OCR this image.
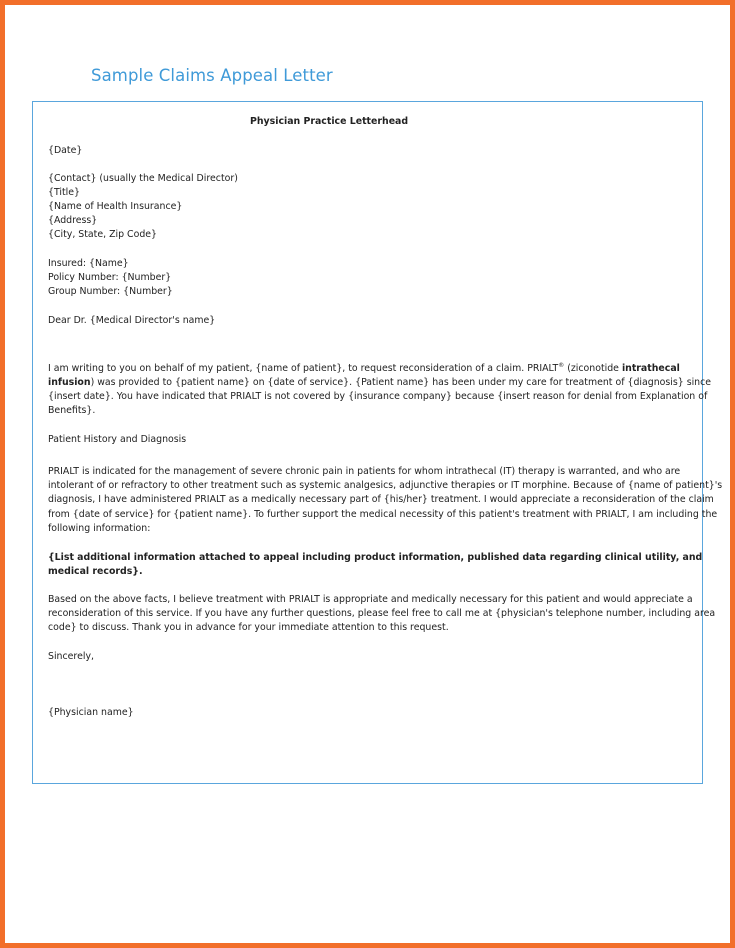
Sample Claims Appeal Letter
Physician Practice Letterhead

{Date}

{Contact} (usually the Medical Director)

{Title}

{Name of Health Insurance}

{Address}

{City, State, Zip Code}

Insured: {Name}

Policy Number: {Number}

Group Number: {Number}

Dear Dr. {Medical Director's name}

I am writing to you on behalf of my patient, {name of patient}, to request reconsideration of a claim. PRIALT® (ziconotide intrathecal

infusion) was provided to {patient name} on {date of service}. {Patient name} has been under my care for treatment of {diagnosis} since

{insert date}. You have indicated that PRIALT is not covered by {insurance company} because {insert reason for denial from Explanation of

Benefits}.

Patient History and Diagnosis

PRIALT is indicated for the management of severe chronic pain in patients for whom intrathecal (IT) therapy is warranted, and who are

intolerant of or refractory to other treatment such as systemic analgesics, adjunctive therapies or IT morphine. Because of {name of patient}'s

diagnosis, I have administered PRIALT as a medically necessary part of {his/her} treatment. I would appreciate a reconsideration of the claim

from {date of service} for {patient name}. To further support the medical necessity of this patient's treatment with PRIALT, I am including the

following information:

{List additional information attached to appeal including product information, published data regarding clinical utility, and

medical records}.

Based on the above facts, I believe treatment with PRIALT is appropriate and medically necessary for this patient and would appreciate a

reconsideration of this service. If you have any further questions, please feel free to call me at {physician's telephone number, including area

code} to discuss. Thank you in advance for your immediate attention to this request.

Sincerely,

{Physician name}
